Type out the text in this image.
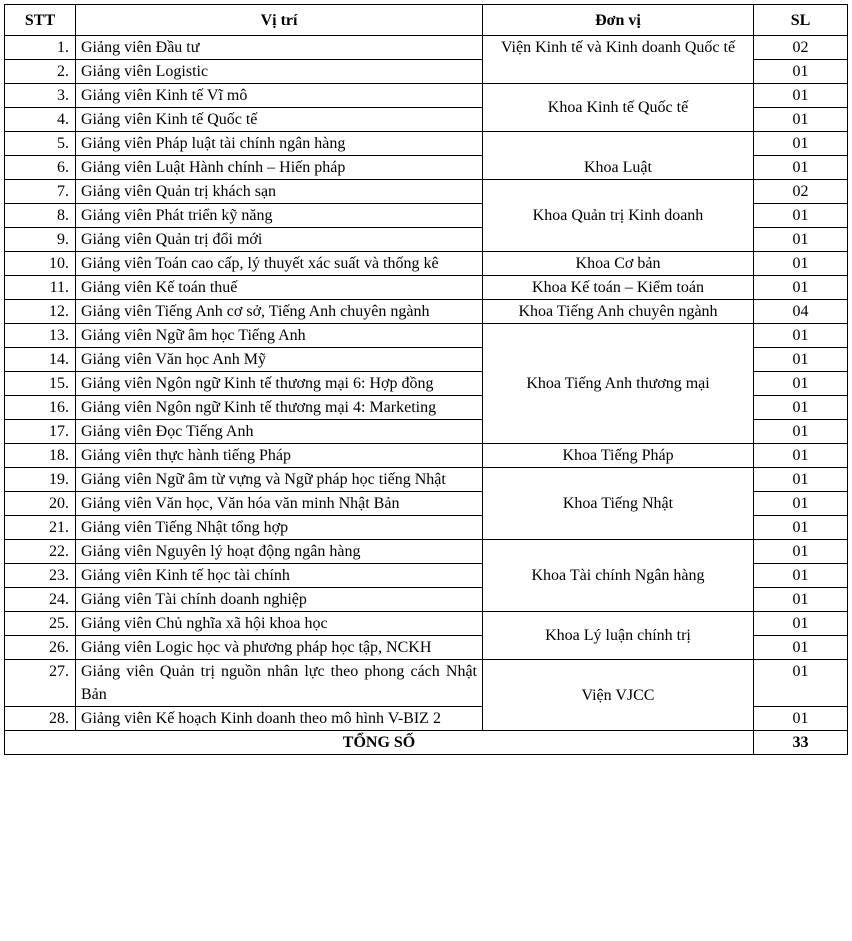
STT	Vị trí	Đơn vị	SL
1.	Giảng viên Đầu tư	Viện Kinh tế và Kinh doanh Quốc tế	02
2.	Giảng viên Logistic		01
3.	Giảng viên Kinh tế Vĩ mô	Khoa Kinh tế Quốc tế	01
4.	Giảng viên Kinh tế Quốc tế		01
5.	Giảng viên Pháp luật tài chính ngân hàng	Khoa Luật	01
6.	Giảng viên Luật Hành chính – Hiến pháp		01
7.	Giảng viên Quản trị khách sạn	Khoa Quản trị Kinh doanh	02
8.	Giảng viên Phát triển kỹ năng		01
9.	Giảng viên Quản trị đổi mới		01
10.	Giảng viên Toán cao cấp, lý thuyết xác suất và thống kê	Khoa Cơ bản	01
11.	Giảng viên Kế toán thuế	Khoa Kế toán – Kiểm toán	01
12.	Giảng viên Tiếng Anh cơ sở, Tiếng Anh chuyên ngành	Khoa Tiếng Anh chuyên ngành	04
13.	Giảng viên Ngữ âm học Tiếng Anh	Khoa Tiếng Anh thương mại	01
14.	Giảng viên Văn học Anh Mỹ		01
15.	Giảng viên Ngôn ngữ Kinh tế thương mại 6: Hợp đồng		01
16.	Giảng viên Ngôn ngữ Kinh tế thương mại 4: Marketing		01
17.	Giảng viên Đọc Tiếng Anh		01
18.	Giảng viên thực hành tiếng Pháp	Khoa Tiếng Pháp	01
19.	Giảng viên Ngữ âm từ vựng và Ngữ pháp học tiếng Nhật	Khoa Tiếng Nhật	01
20.	Giảng viên Văn học, Văn hóa văn minh Nhật Bản		01
21.	Giảng viên Tiếng Nhật tổng hợp		01
22.	Giảng viên Nguyên lý hoạt động ngân hàng	Khoa Tài chính Ngân hàng	01
23.	Giảng viên Kinh tế học tài chính		01
24.	Giảng viên Tài chính doanh nghiệp		01
25.	Giảng viên Chủ nghĩa xã hội khoa học	Khoa Lý luận chính trị	01
26.	Giảng viên Logic học và phương pháp học tập, NCKH		01
27.	Giảng viên Quản trị nguồn nhân lực theo phong cách Nhật Bản	Viện VJCC	01
28.	Giảng viên Kế hoạch Kinh doanh theo mô hình V-BIZ 2		01
TỔNG SỐ			33
